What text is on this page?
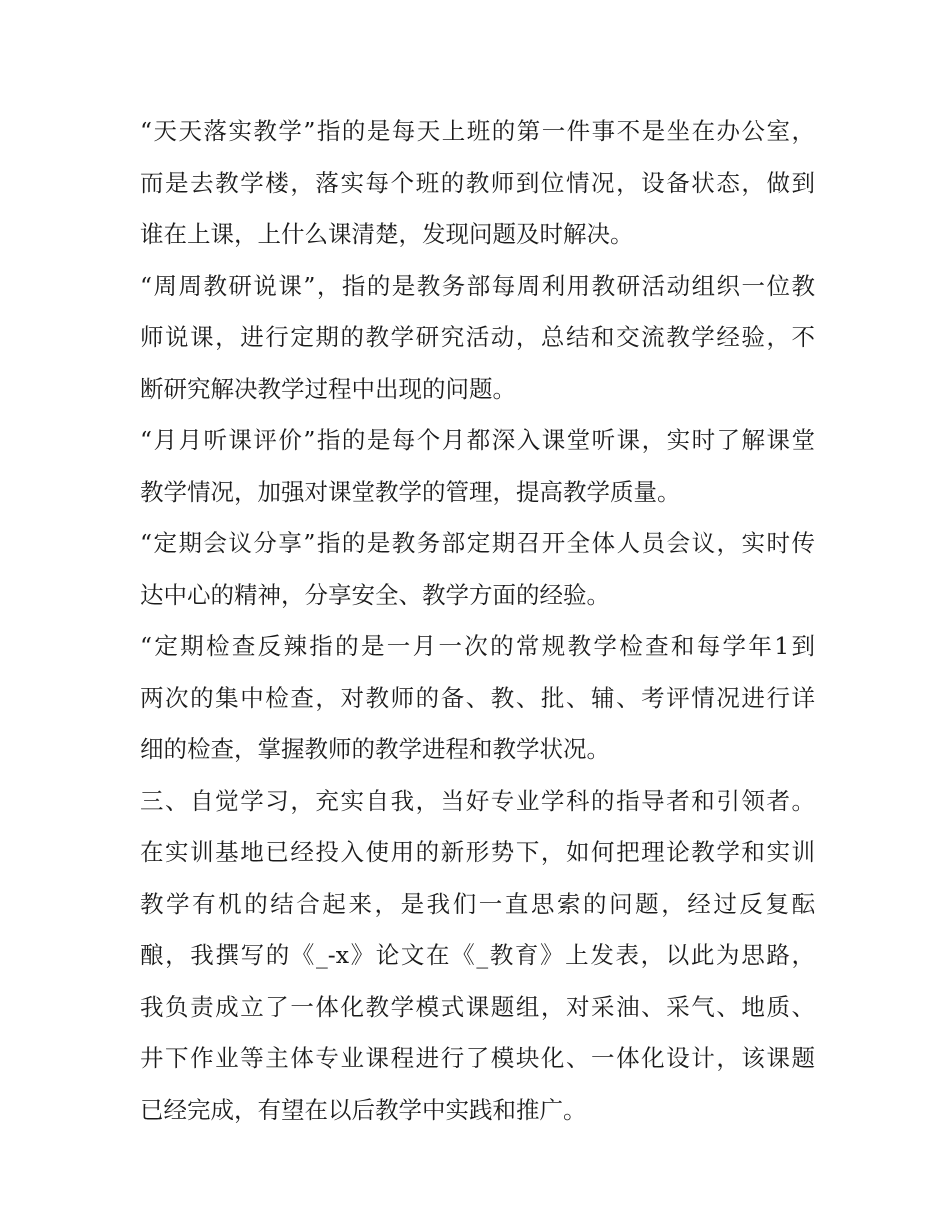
“天天落实教学”指的是每天上班的第一件事不是坐在办公室，
而是去教学楼，落实每个班的教师到位情况，设备状态，做到
谁在上课，上什么课清楚，发现问题及时解决。
“周周教研说课”，指的是教务部每周利用教研活动组织一位教
师说课，进行定期的教学研究活动，总结和交流教学经验，不
断研究解决教学过程中出现的问题。
“月月听课评价”指的是每个月都深入课堂听课，实时了解课堂
教学情况，加强对课堂教学的管理，提高教学质量。
“定期会议分享”指的是教务部定期召开全体人员会议，实时传
达中心的精神，分享安全、教学方面的经验。
“定期检查反辣指的是一月一次的常规教学检查和每学年1到
两次的集中检查，对教师的备、教、批、辅、考评情况进行详
细的检查，掌握教师的教学进程和教学状况。
三、自觉学习，充实自我，当好专业学科的指导者和引领者。
在实训基地已经投入使用的新形势下，如何把理论教学和实训
教学有机的结合起来，是我们一直思索的问题，经过反复酝
酿，我撰写的《_-x》论文在《_教育》上发表，以此为思路，
我负责成立了一体化教学模式课题组，对采油、采气、地质、
井下作业等主体专业课程进行了模块化、一体化设计，该课题
已经完成，有望在以后教学中实践和推广。
